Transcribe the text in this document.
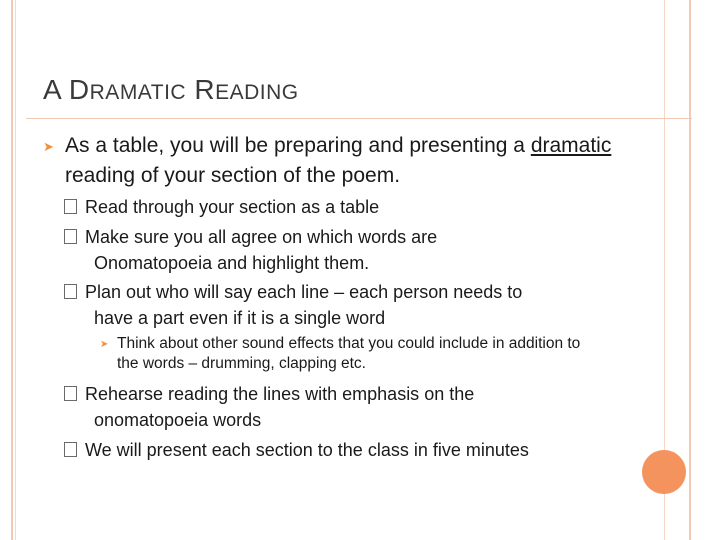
A DRAMATIC READING
➤ As a table, you will be preparing and presenting a dramatic reading of your section of the poem.
Read through your section as a table
Make sure you all agree on which words are
Onomatopoeia and highlight them.
Plan out who will say each line – each person needs to
have a part even if it is a single word
➤ Think about other sound effects that you could include in addition to the words – drumming, clapping etc.
Rehearse reading the lines with emphasis on the
onomatopoeia words
We will present each section to the class in five minutes
